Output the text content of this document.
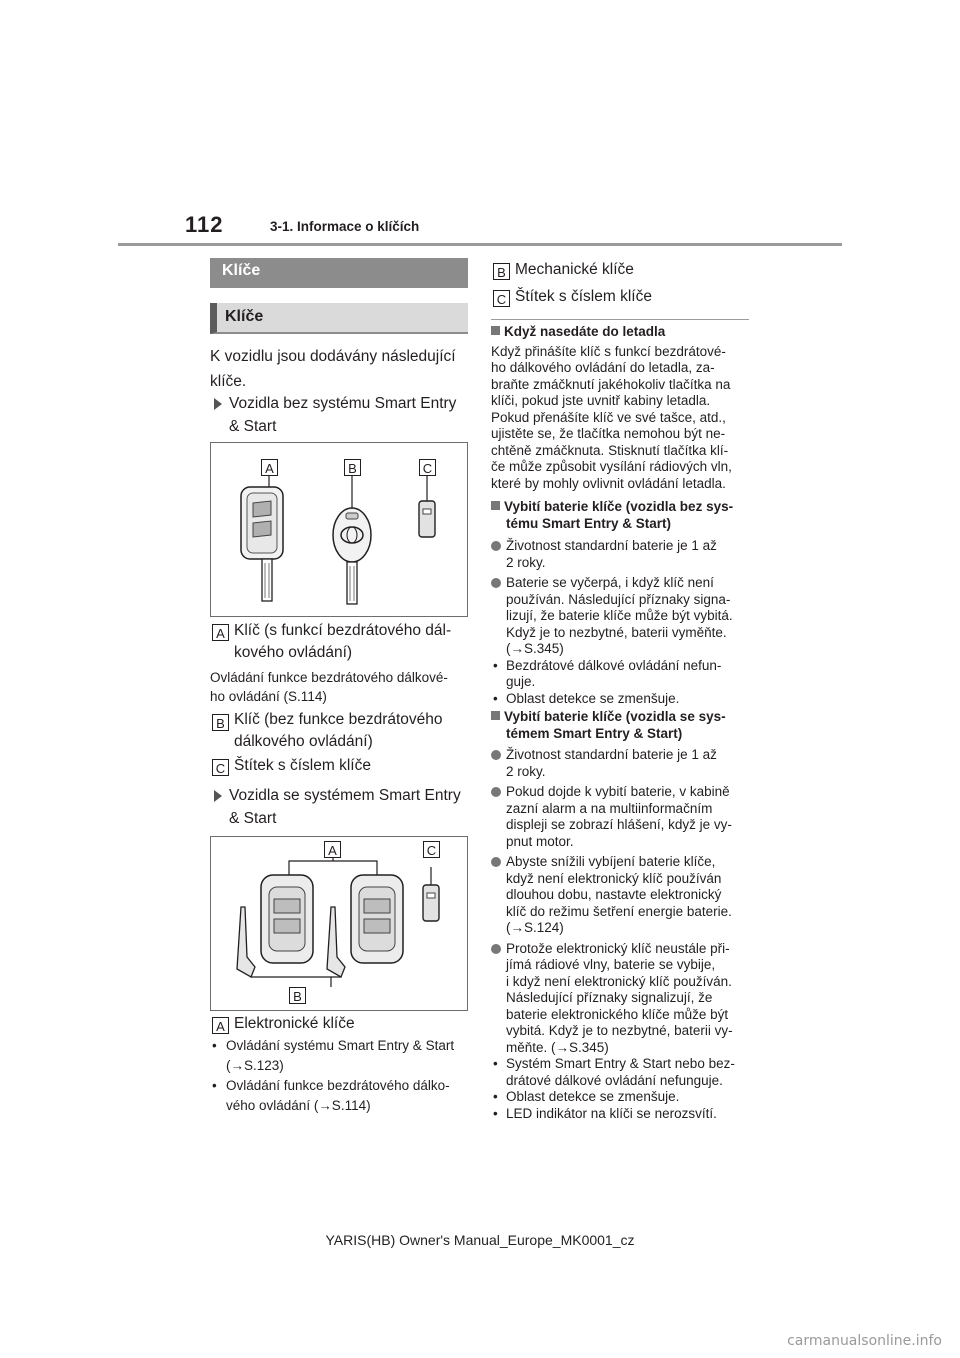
112	3-1. Informace o klíčích
Klíče
Klíče
K vozidlu jsou dodávány následující
klíče.
Vozidla bez systému Smart Entry
& Start
A	B	C
A Klíč (s funkcí bezdrátového dál-
kového ovládání)
Ovládání funkce bezdrátového dálkové-
ho ovládání (S.114)
B Klíč (bez funkce bezdrátového
dálkového ovládání)
C Štítek s číslem klíče
Vozidla se systémem Smart Entry
& Start
A	C
B
A Elektronické klíče
• Ovládání systému Smart Entry & Start
(→S.123)
• Ovládání funkce bezdrátového dálko-
vého ovládání (→S.114)
B Mechanické klíče
C Štítek s číslem klíče
Když nasedáte do letadla
Když přinášíte klíč s funkcí bezdrátové-
ho dálkového ovládání do letadla, za-
braňte zmáčknutí jakéhokoliv tlačítka na
klíči, pokud jste uvnitř kabiny letadla.
Pokud přenášíte klíč ve své tašce, atd.,
ujistěte se, že tlačítka nemohou být ne-
chtěně zmáčknuta. Stisknutí tlačítka klí-
če může způsobit vysílání rádiových vln,
které by mohly ovlivnit ovládání letadla.
Vybití baterie klíče (vozidla bez sys-
tému Smart Entry & Start)
Životnost standardní baterie je 1 až
2 roky.
Baterie se vyčerpá, i když klíč není
používán. Následující příznaky signa-
lizují, že baterie klíče může být vybitá.
Když je to nezbytné, baterii vyměňte.
(→S.345)
• Bezdrátové dálkové ovládání nefun-
guje.
• Oblast detekce se zmenšuje.
Vybití baterie klíče (vozidla se sys-
témem Smart Entry & Start)
Životnost standardní baterie je 1 až
2 roky.
Pokud dojde k vybití baterie, v kabině
zazní alarm a na multiinformačním
displeji se zobrazí hlášení, když je vy-
pnut motor.
Abyste snížili vybíjení baterie klíče,
když není elektronický klíč používán
dlouhou dobu, nastavte elektronický
klíč do režimu šetření energie baterie.
(→S.124)
Protože elektronický klíč neustále při-
jímá rádiové vlny, baterie se vybije,
i když není elektronický klíč používán.
Následující příznaky signalizují, že
baterie elektronického klíče může být
vybitá. Když je to nezbytné, baterii vy-
měňte. (→S.345)
• Systém Smart Entry & Start nebo bez-
drátové dálkové ovládání nefunguje.
• Oblast detekce se zmenšuje.
• LED indikátor na klíči se nerozsvítí.
YARIS(HB) Owner's Manual_Europe_MK0001_cz
carmanualsonline.info
